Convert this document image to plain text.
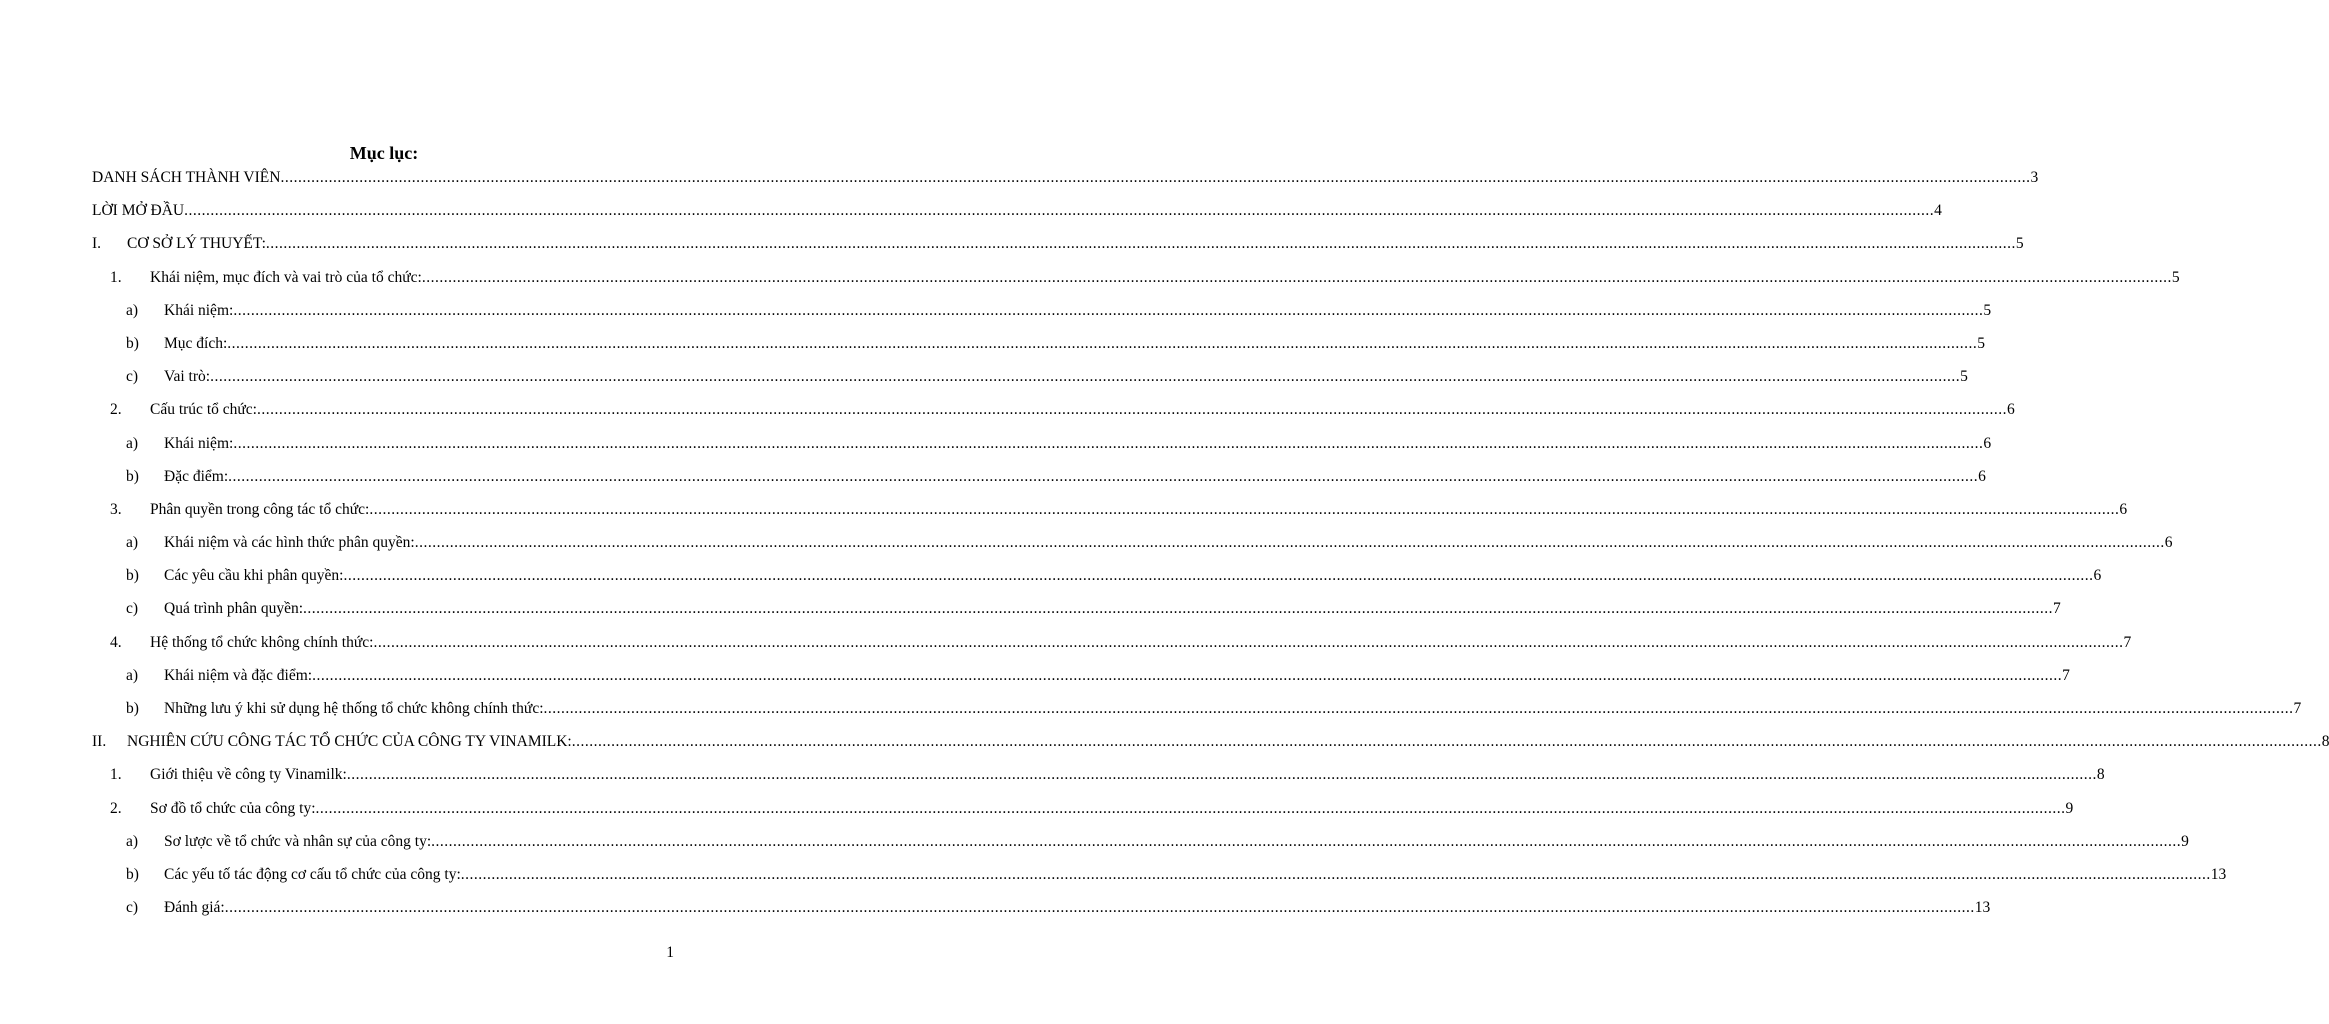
Mục lục:
DANH SÁCH THÀNH VIÊN ................................................................................................................................................................................................................................................................................................................................................................................................................ 3
LỜI MỞ ĐẦU ................................................................................................................................................................................................................................................................................................................................................................................................................ 4
I.	CƠ SỞ LÝ THUYẾT: ................................................................................................................................................................................................................................................................................................................................................................................................................ 5
1.	Khái niệm, mục đích và vai trò của tổ chức: ................................................................................................................................................................................................................................................................................................................................................................................................................ 5
a)	Khái niệm: ................................................................................................................................................................................................................................................................................................................................................................................................................ 5
b)	Mục đích: ................................................................................................................................................................................................................................................................................................................................................................................................................ 5
c)	Vai trò: ................................................................................................................................................................................................................................................................................................................................................................................................................ 5
2.	Cấu trúc tổ chức: ................................................................................................................................................................................................................................................................................................................................................................................................................ 6
a)	Khái niệm: ................................................................................................................................................................................................................................................................................................................................................................................................................ 6
b)	Đặc điểm: ................................................................................................................................................................................................................................................................................................................................................................................................................ 6
3.	Phân quyền trong công tác tổ chức: ................................................................................................................................................................................................................................................................................................................................................................................................................ 6
a)	Khái niệm và các hình thức phân quyền: ................................................................................................................................................................................................................................................................................................................................................................................................................ 6
b)	Các yêu cầu khi phân quyền: ................................................................................................................................................................................................................................................................................................................................................................................................................ 6
c)	Quá trình phân quyền: ................................................................................................................................................................................................................................................................................................................................................................................................................ 7
4.	Hệ thống tổ chức không chính thức: ................................................................................................................................................................................................................................................................................................................................................................................................................ 7
a)	Khái niệm và đặc điểm: ................................................................................................................................................................................................................................................................................................................................................................................................................ 7
b)	Những lưu ý khi sử dụng hệ thống tổ chức không chính thức: ................................................................................................................................................................................................................................................................................................................................................................................................................ 7
II.	NGHIÊN CỨU CÔNG TÁC TỔ CHỨC CỦA CÔNG TY VINAMILK: ................................................................................................................................................................................................................................................................................................................................................................................................................ 8
1.	Giới thiệu về công ty Vinamilk: ................................................................................................................................................................................................................................................................................................................................................................................................................ 8
2.	Sơ đồ tổ chức của công ty: ................................................................................................................................................................................................................................................................................................................................................................................................................ 9
a)	Sơ lược về tổ chức và nhân sự của công ty: ................................................................................................................................................................................................................................................................................................................................................................................................................ 9
b)	Các yếu tố tác động cơ cấu tổ chức của công ty: ................................................................................................................................................................................................................................................................................................................................................................................................................ 13
c)	Đánh giá: ................................................................................................................................................................................................................................................................................................................................................................................................................ 13
1
